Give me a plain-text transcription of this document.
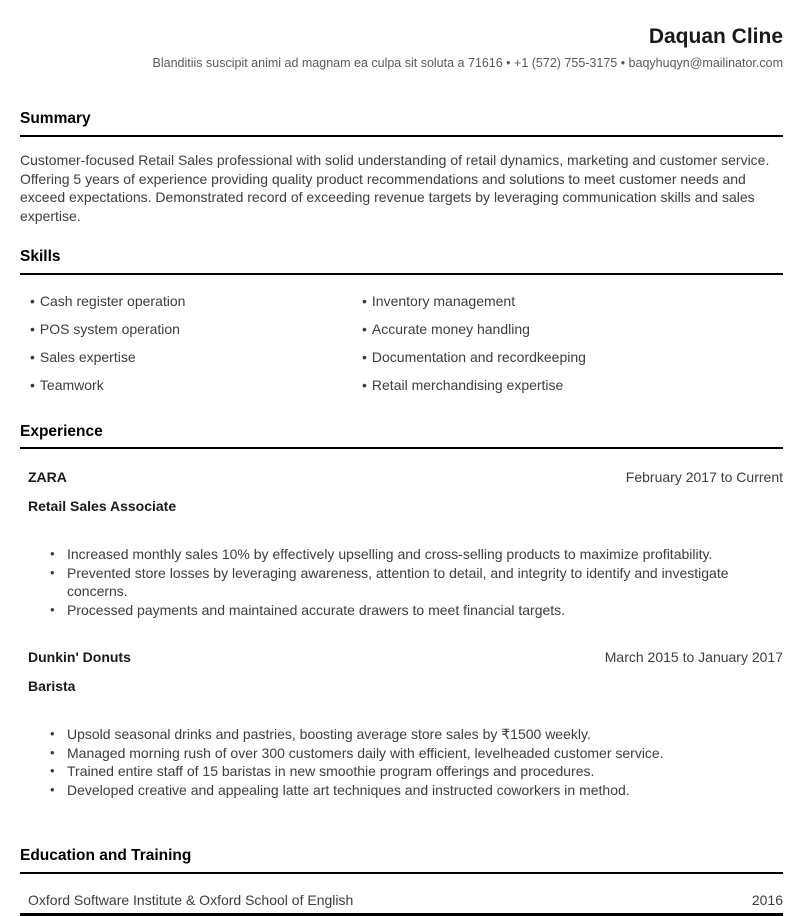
Daquan Cline
Blanditiis suscipit animi ad magnam ea culpa sit soluta a 71616 • +1 (572) 755-3175 • baqyhuqyn@mailinator.com
Summary

Customer-focused Retail Sales professional with solid understanding of retail dynamics, marketing and customer service. Offering 5 years of experience providing quality product recommendations and solutions to meet customer needs and exceed expectations. Demonstrated record of exceeding revenue targets by leveraging communication skills and sales expertise.

Skills
• Cash register operation
• POS system operation
• Sales expertise
• Teamwork
• Inventory management
• Accurate money handling
• Documentation and recordkeeping
• Retail merchandising expertise
Experience
ZARA	February 2017 to Current
Retail Sales Associate
• Increased monthly sales 10% by effectively upselling and cross-selling products to maximize profitability.
• Prevented store losses by leveraging awareness, attention to detail, and integrity to identify and investigate concerns.
• Processed payments and maintained accurate drawers to meet financial targets.
Dunkin' Donuts	March 2015 to January 2017
Barista
• Upsold seasonal drinks and pastries, boosting average store sales by ₹1500 weekly.
• Managed morning rush of over 300 customers daily with efficient, levelheaded customer service.
• Trained entire staff of 15 baristas in new smoothie program offerings and procedures.
• Developed creative and appealing latte art techniques and instructed coworkers in method.
Education and Training
Oxford Software Institute & Oxford School of English	2016
